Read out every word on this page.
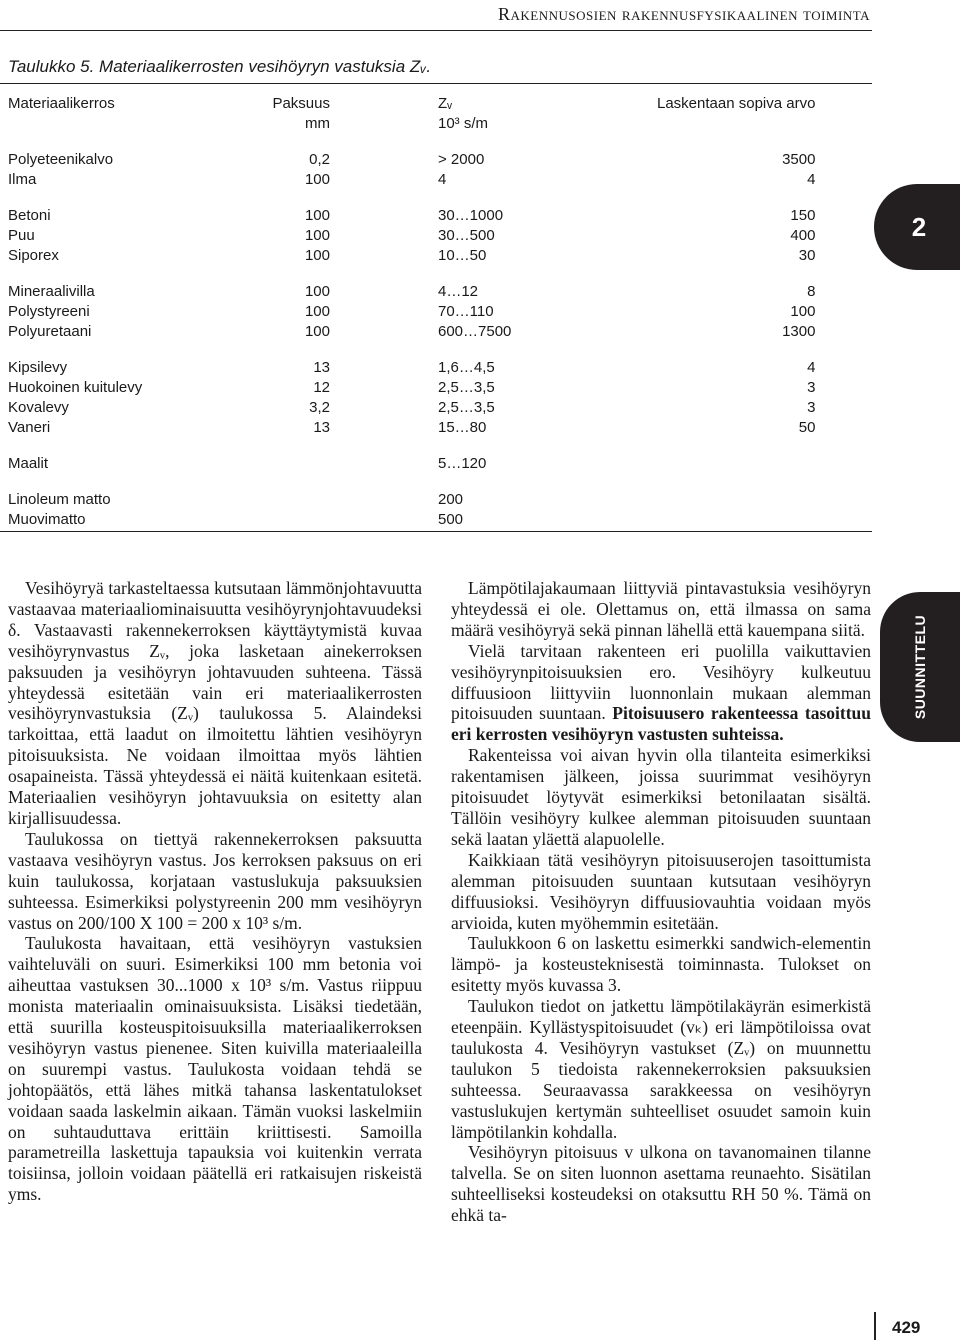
Rakennusosien rakennusfysikaalinen toiminta
Taulukko 5. Materiaalikerrosten vesihöyryn vastuksia Zᵥ.
Materiaalikerros	Paksuus		Zᵥ	Laskentaan sopiva arvo
	mm		10³ s/m	

Polyeteenikalvo	0,2		> 2000	3500
Ilma	100		4	4

Betoni	100		30…1000	150
Puu	100		30…500	400
Siporex	100		10…50	30

Mineraalivilla	100		4…12	8
Polystyreeni	100		70…110	100
Polyuretaani	100		600…7500	1300

Kipsilevy	13		1,6…4,5	4
Huokoinen kuitulevy	12		2,5…3,5	3
Kovalevy	3,2		2,5…3,5	3
Vaneri	13		15…80	50

Maalit			5…120	

Linoleum matto			200	
Muovimatto			500	
2
SUUNNITTELU

Vesihöyryä tarkasteltaessa kutsutaan lämmönjohtavuutta vastaavaa materiaaliominaisuutta vesihöyrynjohtavuudeksi δ. Vastaavasti rakennekerroksen käyttäytymistä kuvaa vesihöyrynvastus Zᵥ, joka lasketaan ainekerroksen paksuuden ja vesihöyryn johtavuuden suhteena. Tässä yhteydessä esitetään vain eri materiaalikerrosten vesihöyrynvastuksia (Zᵥ) taulukossa 5. Alaindeksi tarkoittaa, että laadut on ilmoitettu lähtien vesihöyryn pitoisuuksista. Ne voidaan ilmoittaa myös lähtien osapaineista. Tässä yhteydessä ei näitä kuitenkaan esitetä. Materiaalien vesihöyryn johtavuuksia on esitetty alan kirjallisuudessa.

Taulukossa on tiettyä rakennekerroksen paksuutta vastaava vesihöyryn vastus. Jos kerroksen paksuus on eri kuin taulukossa, korjataan vastuslukuja paksuuksien suhteessa. Esimerkiksi polystyreenin 200 mm vesihöyryn vastus on 200/100 X 100 = 200 x 10³ s/m.

Taulukosta havaitaan, että vesihöyryn vastuksien vaihteluväli on suuri. Esimerkiksi 100 mm betonia voi aiheuttaa vastuksen 30...1000 x 10³ s/m. Vastus riippuu monista materiaalin ominaisuuksista. Lisäksi tiedetään, että suurilla kosteuspitoisuuksilla materiaalikerroksen vesihöyryn vastus pienenee. Siten kuivilla materiaaleilla on suurempi vastus. Taulukosta voidaan tehdä se johtopäätös, että lähes mitkä tahansa laskentatulokset voidaan saada laskelmin aikaan. Tämän vuoksi laskelmiin on suhtauduttava erittäin kriittisesti. Samoilla parametreilla laskettuja tapauksia voi kuitenkin verrata toisiinsa, jolloin voidaan päätellä eri ratkaisujen riskeistä yms.

Lämpötilajakaumaan liittyviä pintavastuksia vesihöyryn yhteydessä ei ole. Olettamus on, että ilmassa on sama määrä vesihöyryä sekä pinnan lähellä että kauempana siitä.

Vielä tarvitaan rakenteen eri puolilla vaikuttavien vesihöyrynpitoisuuksien ero. Vesihöyry kulkeutuu diffuusioon liittyviin luonnonlain mukaan alemman pitoisuuden suuntaan. Pitoisuusero rakenteessa tasoittuu eri kerrosten vesihöyryn vastusten suhteissa.

Rakenteissa voi aivan hyvin olla tilanteita esimerkiksi rakentamisen jälkeen, joissa suurimmat vesihöyryn pitoisuudet löytyvät esimerkiksi betonilaatan sisältä. Tällöin vesihöyry kulkee alemman pitoisuuden suuntaan sekä laatan yläettä alapuolelle.

Kaikkiaan tätä vesihöyryn pitoisuuserojen tasoittumista alemman pitoisuuden suuntaan kutsutaan vesihöyryn diffuusioksi. Vesihöyryn diffuusiovauhtia voidaan myös arvioida, kuten myöhemmin esitetään.

Taulukkoon 6 on laskettu esimerkki sandwich-elementin lämpö- ja kosteusteknisestä toiminnasta. Tulokset on esitetty myös kuvassa 3.

Taulukon tiedot on jatkettu lämpötilakäyrän esimerkistä eteenpäin. Kyllästyspitoisuudet (vₖ) eri lämpötiloissa ovat taulukosta 4. Vesihöyryn vastukset (Zᵥ) on muunnettu taulukon 5 tiedoista rakennekerroksien paksuuksien suhteessa. Seuraavassa sarakkeessa on vesihöyryn vastuslukujen kertymän suhteelliset osuudet samoin kuin lämpötilankin kohdalla.

Vesihöyryn pitoisuus v ulkona on tavanomainen tilanne talvella. Se on siten luonnon asettama reunaehto. Sisätilan suhteelliseksi kosteudeksi on otaksuttu RH 50 %. Tämä on ehkä ta-

429
